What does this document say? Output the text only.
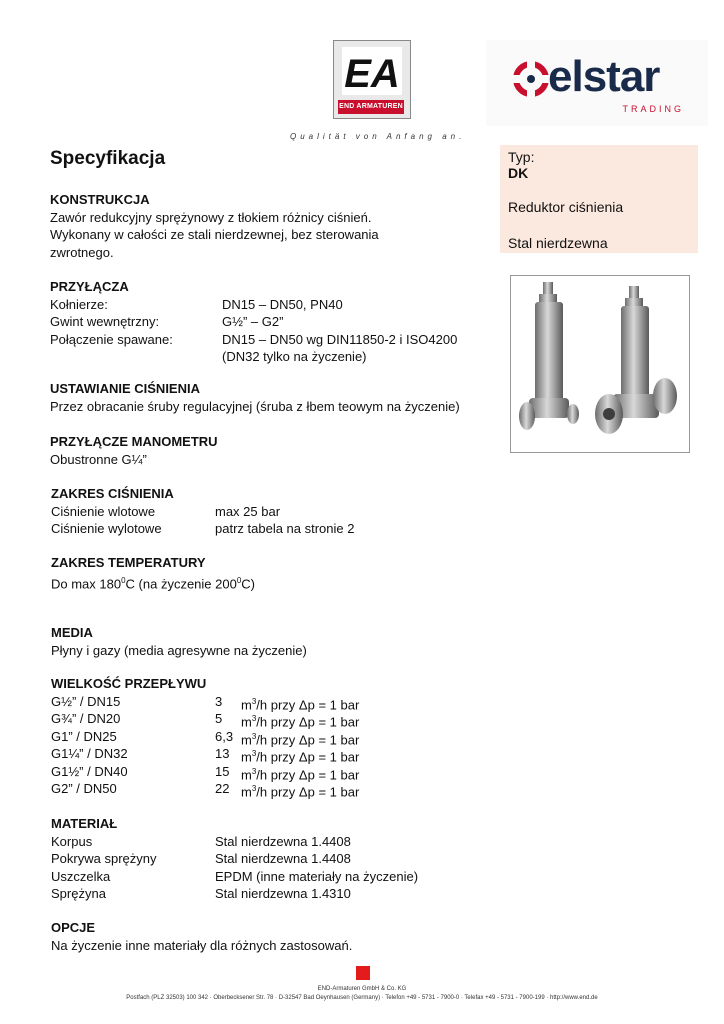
EA
END ARMATUREN
Qualität von Anfang an.
elstar
TRADING
Specyfikacja	Typ:
DK
Reduktor ciśnienia
Stal nierdzewna
KONSTRUKCJA
Zawór redukcyjny sprężynowy z tłokiem różnicy ciśnień.
Wykonany w całości ze stali nierdzewnej, bez sterowania
zwrotnego.
PRZYŁĄCZA
Kołnierze:	DN15 – DN50, PN40
Gwint wewnętrzny:	G½” – G2”
Połączenie spawane:	DN15 – DN50 wg DIN11850-2 i ISO4200
(DN32 tylko na życzenie)
USTAWIANIE CIŚNIENIA
Przez obracanie śruby regulacyjnej (śruba z łbem teowym na życzenie)
PRZYŁĄCZE MANOMETRU
Obustronne G¼”
ZAKRES CIŚNIENIA
Ciśnienie wlotowe	max 25 bar
Ciśnienie wylotowe	patrz tabela na stronie 2
ZAKRES TEMPERATURY
Do $\max 180^0C$ (na życzenie $200^0C$)
MEDIA
Płyny i gazy (media agresywne na życzenie)
WIELKOŚĆ PRZEPŁYWU
G½” / DN15	3 $m^3/h$ przy Δp = 1 bar
G¾” / DN20	5 $m^3/h$ przy Δp = 1 bar
G1” / DN25	6,3 $m^3/h$ przy Δp = 1 bar
G1¼” / DN32	13 $m^3/h$ przy Δp = 1 bar
G1½” / DN40	15 $m^3/h$ przy Δp = 1 bar
G2” / DN50	22 $m^3/h$ przy Δp = 1 bar
MATERIAŁ
Korpus	Stal nierdzewna 1.4408
Pokrywa sprężyny	Stal nierdzewna 1.4408
Uszczelka	EPDM (inne materiały na życzenie)
Sprężyna	Stal nierdzewna 1.4310
OPCJE
Na życzenie inne materiały dla różnych zastosowań.
END-Armaturen GmbH & Co. KG
Postfach (PLZ 32503) 100 342 · Oberbecksener Str. 78 · D-32547 Bad Oeynhausen (Germany) · Telefon +49 - 5731 - 7900-0 · Telefax +49 - 5731 - 7900-199 · http://www.end.de
